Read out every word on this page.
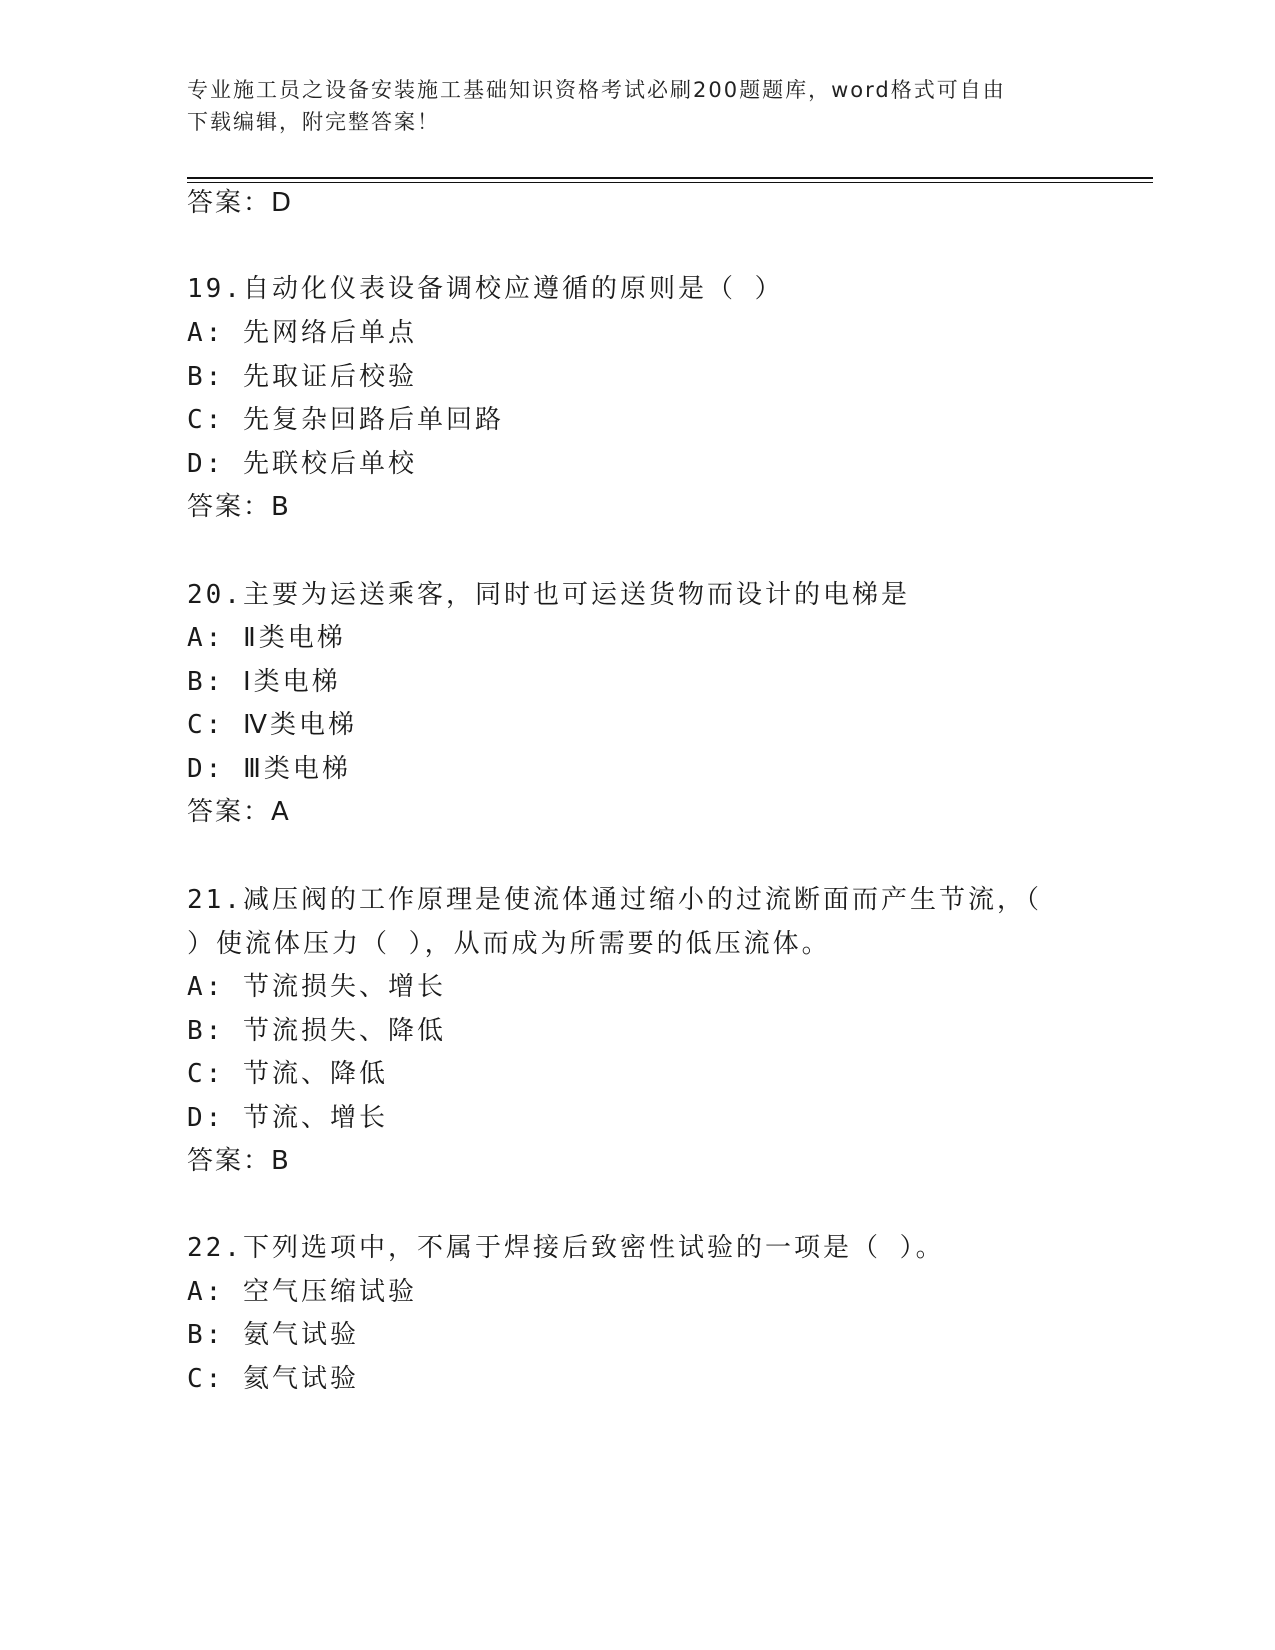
专业施工员之设备安装施工基础知识资格考试必刷200题题库，word格式可自由
下载编辑，附完整答案！
答案：D
19.自动化仪表设备调校应遵循的原则是（ ）
A: 先网络后单点
B: 先取证后校验
C: 先复杂回路后单回路
D: 先联校后单校
答案：B
20.主要为运送乘客，同时也可运送货物而设计的电梯是
A: Ⅱ类电梯
B: Ⅰ类电梯
C: Ⅳ类电梯
D: Ⅲ类电梯
答案：A
21.减压阀的工作原理是使流体通过缩小的过流断面而产生节流，（
）使流体压力（ ），从而成为所需要的低压流体。
A: 节流损失、增长
B: 节流损失、降低
C: 节流、降低
D: 节流、增长
答案：B
22.下列选项中，不属于焊接后致密性试验的一项是（ ）。
A: 空气压缩试验
B: 氨气试验
C: 氦气试验
